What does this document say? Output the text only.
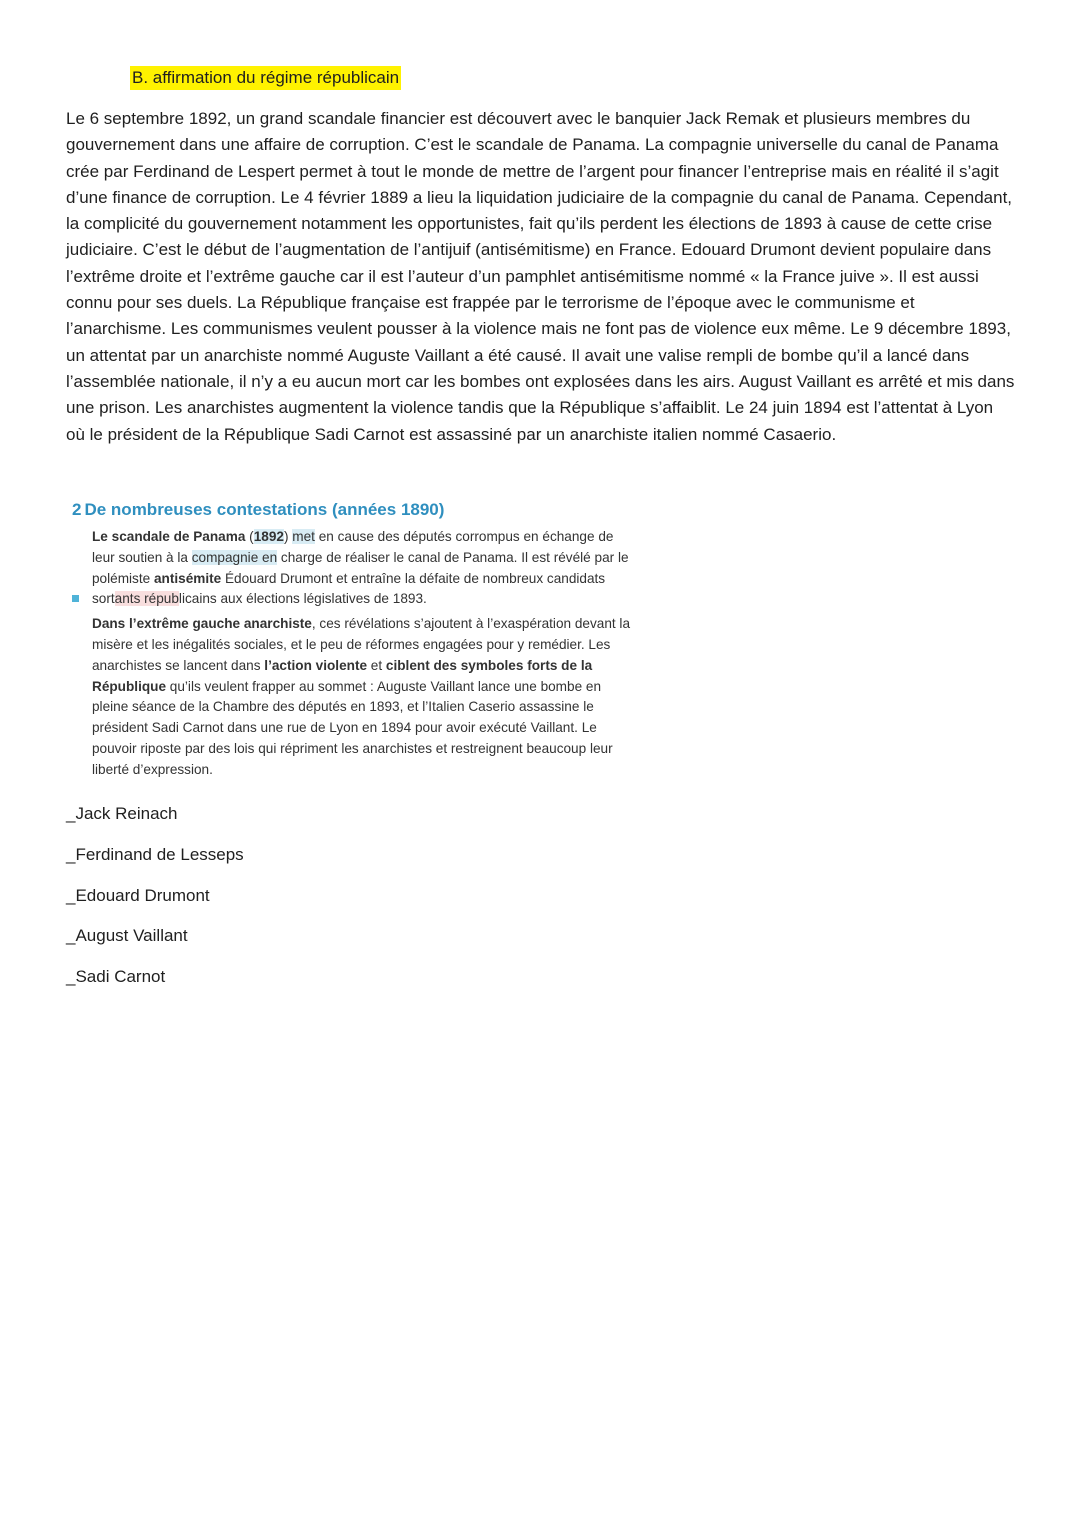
B. affirmation du régime républicain

Le 6 septembre 1892, un grand scandale financier est découvert avec le banquier Jack Remak et plusieurs membres du gouvernement dans une affaire de corruption. C’est le scandale de Panama. La compagnie universelle du canal de Panama crée par Ferdinand de Lespert permet à tout le monde de mettre de l’argent pour financer l’entreprise mais en réalité il s’agit d’une finance de corruption. Le 4 février 1889 a lieu la liquidation judiciaire de la compagnie du canal de Panama. Cependant, la complicité du gouvernement notamment les opportunistes, fait qu’ils perdent les élections de 1893 à cause de cette crise judiciaire. C’est le début de l’augmentation de l’antijuif (antisémitisme) en France. Edouard Drumont devient populaire dans l’extrême droite et l’extrême gauche car il est l’auteur d’un pamphlet antisémitisme nommé « la France juive ». Il est aussi connu pour ses duels. La République française est frappée par le terrorisme de l’époque avec le communisme et l’anarchisme. Les communismes veulent pousser à la violence mais ne font pas de violence eux même. Le 9 décembre 1893, un attentat par un anarchiste nommé Auguste Vaillant a été causé. Il avait une valise rempli de bombe qu’il a lancé dans l’assemblée nationale, il n’y a eu aucun mort car les bombes ont explosées dans les airs. August Vaillant es arrêté et mis dans une prison. Les anarchistes augmentent la violence tandis que la République s’affaiblit. Le 24 juin 1894 est l’attentat à Lyon où le président de la République Sadi Carnot est assassiné par un anarchiste italien nommé Casaerio.

2 De nombreuses contestations (années 1890)

Le scandale de Panama (1892) met en cause des députés corrompus en échange de leur soutien à la compagnie en charge de réaliser le canal de Panama. Il est révélé par le polémiste antisémite Édouard Drumont et entraîne la défaite de nombreux candidats sortants républicains aux élections législatives de 1893.

Dans l’extrême gauche anarchiste, ces révélations s’ajoutent à l’exaspération devant la misère et les inégalités sociales, et le peu de réformes engagées pour y remédier. Les anarchistes se lancent dans l’action violente et ciblent des symboles forts de la République qu’ils veulent frapper au sommet : Auguste Vaillant lance une bombe en pleine séance de la Chambre des députés en 1893, et l’Italien Caserio assassine le président Sadi Carnot dans une rue de Lyon en 1894 pour avoir exécuté Vaillant. Le pouvoir riposte par des lois qui répriment les anarchistes et restreignent beaucoup leur liberté d’expression.

_Jack Reinach
_Ferdinand de Lesseps
_Edouard Drumont
_August Vaillant
_Sadi Carnot
